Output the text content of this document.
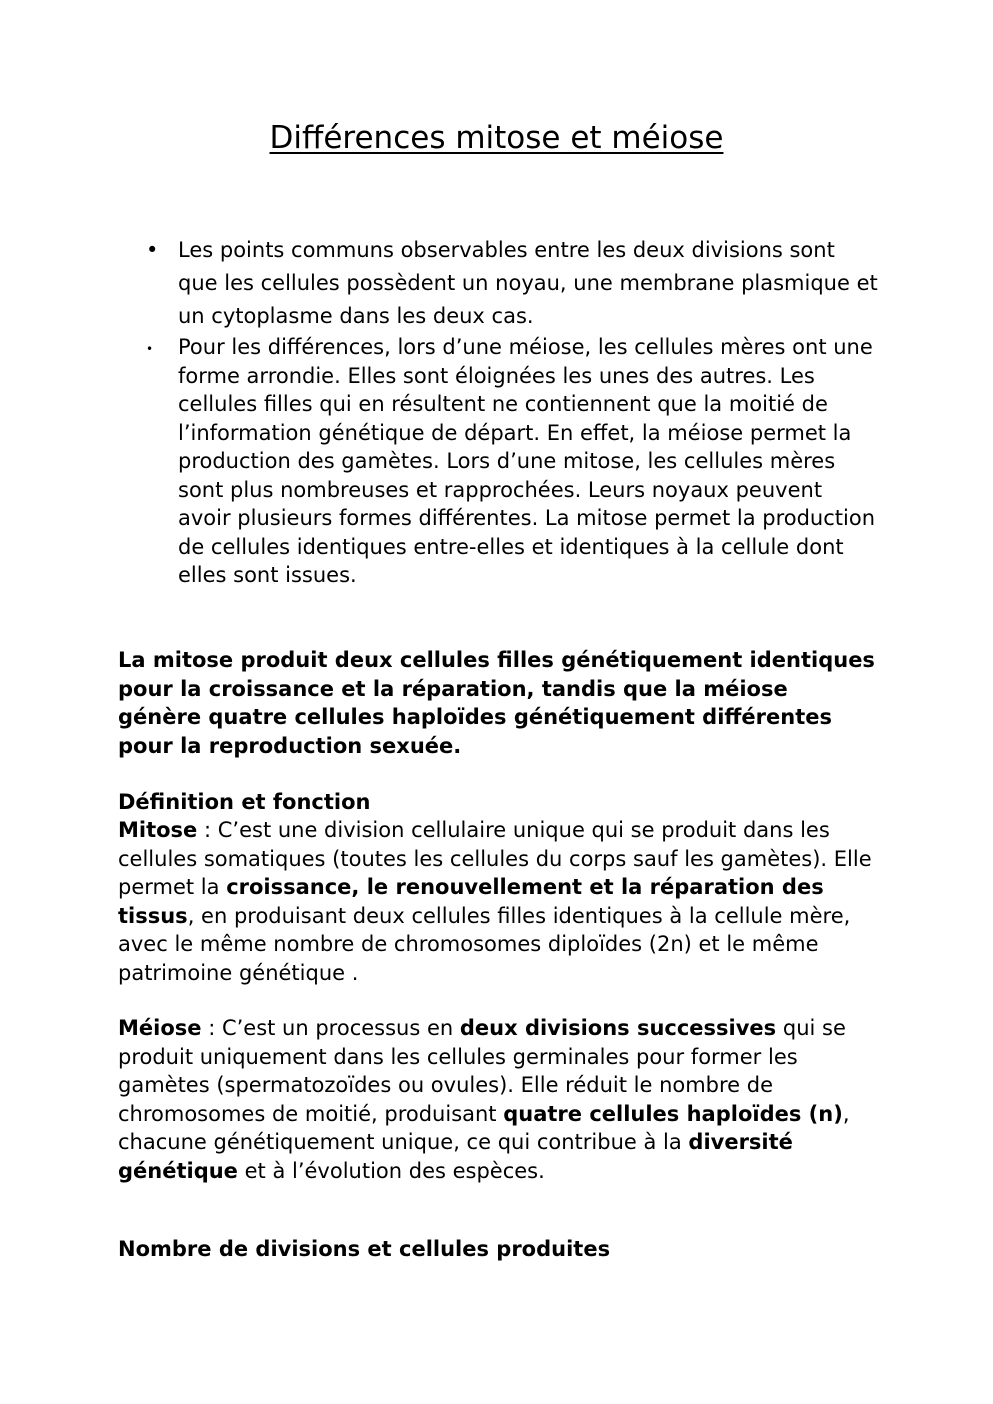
Différences mitose et méiose
• Les points communs observables entre les deux divisions sont que les cellules possèdent un noyau, une membrane plasmique et un cytoplasme dans les deux cas.
• Pour les différences, lors d’une méiose, les cellules mères ont une forme arrondie. Elles sont éloignées les unes des autres. Les cellules filles qui en résultent ne contiennent que la moitié de l’information génétique de départ. En effet, la méiose permet la production des gamètes. Lors d’une mitose, les cellules mères sont plus nombreuses et rapprochées. Leurs noyaux peuvent avoir plusieurs formes différentes. La mitose permet la production de cellules identiques entre-elles et identiques à la cellule dont elles sont issues.

La mitose produit deux cellules filles génétiquement identiques pour la croissance et la réparation, tandis que la méiose génère quatre cellules haploïdes génétiquement différentes pour la reproduction sexuée.

Définition et fonction

Mitose : C’est une division cellulaire unique qui se produit dans les cellules somatiques (toutes les cellules du corps sauf les gamètes). Elle permet la croissance, le renouvellement et la réparation des tissus, en produisant deux cellules filles identiques à la cellule mère, avec le même nombre de chromosomes diploïdes (2n) et le même patrimoine génétique .

Méiose : C’est un processus en deux divisions successives qui se produit uniquement dans les cellules germinales pour former les gamètes (spermatozoïdes ou ovules). Elle réduit le nombre de chromosomes de moitié, produisant quatre cellules haploïdes (n), chacune génétiquement unique, ce qui contribue à la diversité génétique et à l’évolution des espèces.

Nombre de divisions et cellules produites
